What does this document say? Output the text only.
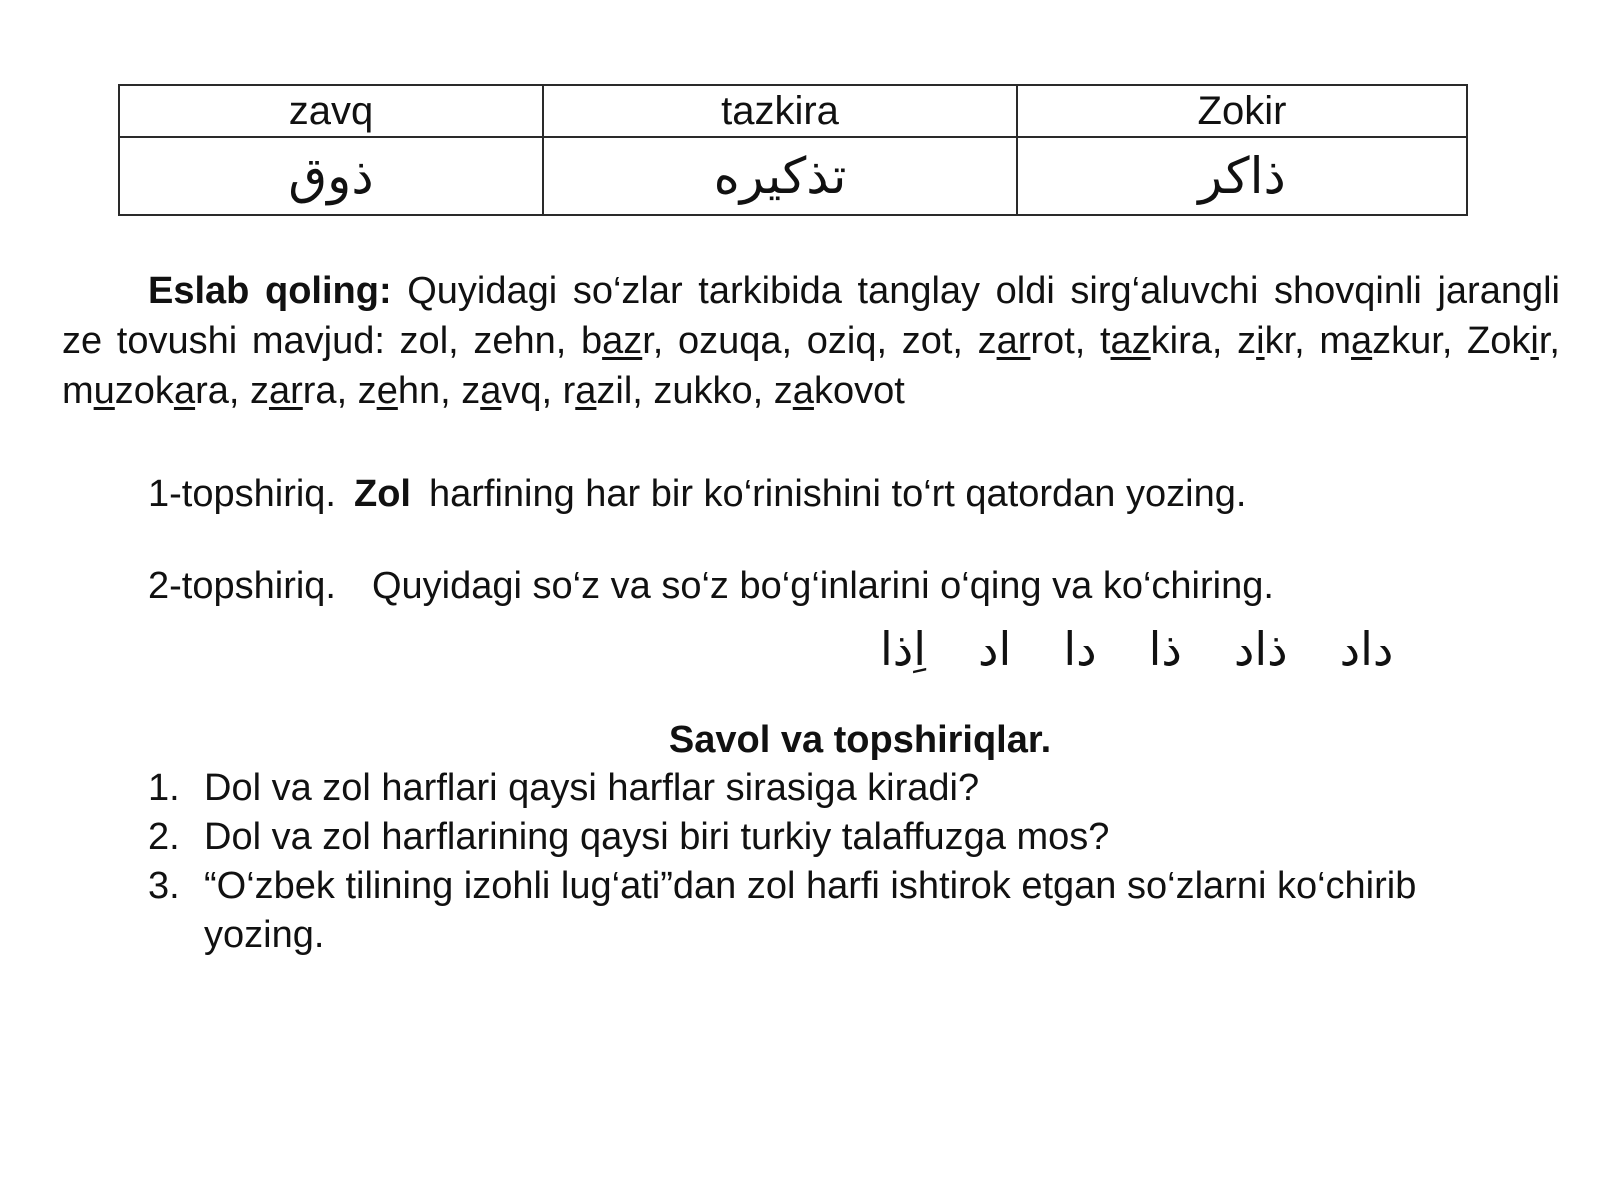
zavq	tazkira	Zokir
ذوق	تذکیره	ذاکر
Eslab qoling: Quyidagi so‘zlar tarkibida tanglay oldi sirg‘aluvchi shovqinli jarangli ze tovushi mavjud: zol, zehn, bazr, ozuqa, oziq, zot, zarrot, tazkira, zikr, mazkur, Zokir, muzokara, zarra, zehn, zavq, razil, zukko, zakovot
1-topshiriq. Zol harfining har bir ko‘rinishini to‘rt qatordan yozing.
2-topshiriq. Quyidagi so‘z va so‘z bo‘g‘inlarini o‘qing va ko‘chiring.
دادذادذادااداِذا
Savol va topshiriqlar.
1. Dol va zol harflari qaysi harflar sirasiga kiradi?
2. Dol va zol harflarining qaysi biri turkiy talaffuzga mos?
3. “O‘zbek tilining izohli lug‘ati”dan zol harfi ishtirok etgan so‘zlarni ko‘chirib yozing.
